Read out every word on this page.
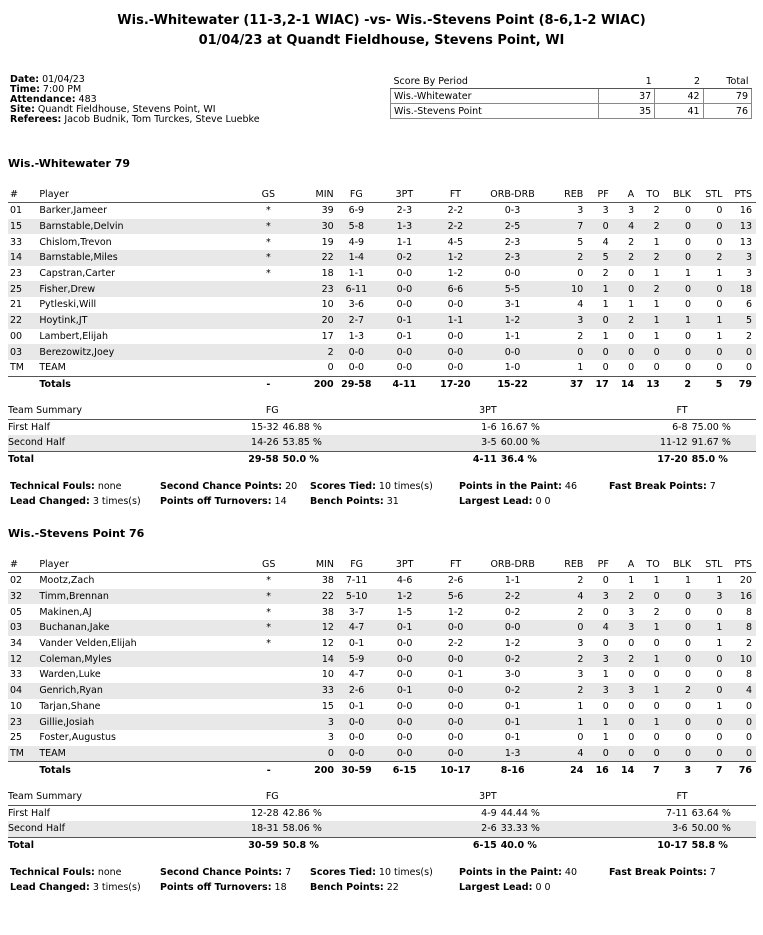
Wis.-Whitewater (11-3,2-1 WIAC) -vs- Wis.-Stevens Point (8-6,1-2 WIAC)
01/04/23 at Quandt Fieldhouse, Stevens Point, WI
Date: 01/04/23
Time: 7:00 PM
Attendance: 483
Site: Quandt Fieldhouse, Stevens Point, WI
Referees: Jacob Budnik, Tom Turckes, Steve Luebke
Score By Period	1	2	Total
Wis.-Whitewater	37	42	79
Wis.-Stevens Point	35	41	76
Wis.-Whitewater 79
#	Player	GS	MIN	FG	3PT	FT	ORB-DRB	REB	PF	A	TO	BLK	STL	PTS
01	Barker,Jameer	*	39	6-9	2-3	2-2	0-3	3	3	3	2	0	0	16
15	Barnstable,Delvin	*	30	5-8	1-3	2-2	2-5	7	0	4	2	0	0	13
33	Chislom,Trevon	*	19	4-9	1-1	4-5	2-3	5	4	2	1	0	0	13
14	Barnstable,Miles	*	22	1-4	0-2	1-2	2-3	2	5	2	2	0	2	3
23	Capstran,Carter	*	18	1-1	0-0	1-2	0-0	0	2	0	1	1	1	3
25	Fisher,Drew		23	6-11	0-0	6-6	5-5	10	1	0	2	0	0	18
21	Pytleski,Will		10	3-6	0-0	0-0	3-1	4	1	1	1	0	0	6
22	Hoytink,JT		20	2-7	0-1	1-1	1-2	3	0	2	1	1	1	5
00	Lambert,Elijah		17	1-3	0-1	0-0	1-1	2	1	0	1	0	1	2
03	Berezowitz,Joey		2	0-0	0-0	0-0	0-0	0	0	0	0	0	0	0
TM	TEAM		0	0-0	0-0	0-0	1-0	1	0	0	0	0	0	0
	Totals	-	200	29-58	4-11	17-20	15-22	37	17	14	13	2	5	79
Team Summary	FG		3PT		FT	
First Half	15-32	46.88 %	1-6	16.67 %	6-8	75.00 %
Second Half	14-26	53.85 %	3-5	60.00 %	11-12	91.67 %
Total	29-58	50.0 %	4-11	36.4 %	17-20	85.0 %
Wis.-Stevens Point 76
#	Player	GS	MIN	FG	3PT	FT	ORB-DRB	REB	PF	A	TO	BLK	STL	PTS
02	Mootz,Zach	*	38	7-11	4-6	2-6	1-1	2	0	1	1	1	1	20
32	Timm,Brennan	*	22	5-10	1-2	5-6	2-2	4	3	2	0	0	3	16
05	Makinen,AJ	*	38	3-7	1-5	1-2	0-2	2	0	3	2	0	0	8
03	Buchanan,Jake	*	12	4-7	0-1	0-0	0-0	0	4	3	1	0	1	8
34	Vander Velden,Elijah	*	12	0-1	0-0	2-2	1-2	3	0	0	0	0	1	2
12	Coleman,Myles		14	5-9	0-0	0-0	0-2	2	3	2	1	0	0	10
33	Warden,Luke		10	4-7	0-0	0-1	3-0	3	1	0	0	0	0	8
04	Genrich,Ryan		33	2-6	0-1	0-0	0-2	2	3	3	1	2	0	4
10	Tarjan,Shane		15	0-1	0-0	0-0	0-1	1	0	0	0	0	1	0
23	Gillie,Josiah		3	0-0	0-0	0-0	0-1	1	1	0	1	0	0	0
25	Foster,Augustus		3	0-0	0-0	0-0	0-1	0	1	0	0	0	0	0
TM	TEAM		0	0-0	0-0	0-0	1-3	4	0	0	0	0	0	0
	Totals	-	200	30-59	6-15	10-17	8-16	24	16	14	7	3	7	76
Team Summary	FG		3PT		FT	
First Half	12-28	42.86 %	4-9	44.44 %	7-11	63.64 %
Second Half	18-31	58.06 %	2-6	33.33 %	3-6	50.00 %
Total	30-59	50.8 %	6-15	40.0 %	10-17	58.8 %
Technical Fouls: none	Second Chance Points: 20 Scores Tied: 10 times(s)	Points in the Paint: 46	Fast Break Points: 7
Lead Changed: 3 times(s) Points off Turnovers: 14 Bench Points: 31	Largest Lead: 0 0
Technical Fouls: none	Second Chance Points: 7 Scores Tied: 10 times(s)	Points in the Paint: 40	Fast Break Points: 7
Lead Changed: 3 times(s) Points off Turnovers: 18 Bench Points: 22	Largest Lead: 0 0
